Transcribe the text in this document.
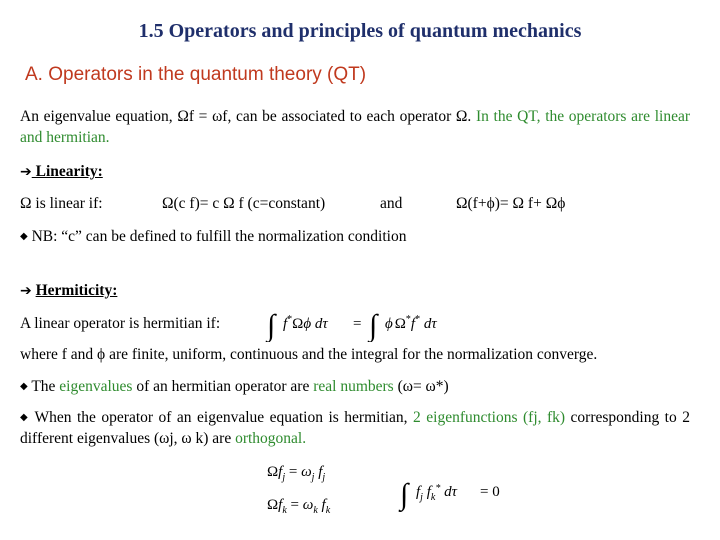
1.5 Operators and principles of quantum mechanics
A. Operators in the quantum theory (QT)
An eigenvalue equation, Ωf = ωf, can be associated to each operator Ω. In the QT, the operators are linear and hermitian.
➔ Linearity:
Ω is linear if:	Ω(c f)= c Ω f (c=constant)	and	Ω(f+ϕ)= Ω f+ Ωϕ
◆ NB: “c” can be defined to fulfill the normalization condition
➔ Hermiticity:
A linear operator is hermitian if: ∫ f*Ωϕ dτ = ∫ ϕ Ω*f* dτ
where f and ϕ are finite, uniform, continuous and the integral for the normalization converge.
◆ The eigenvalues of an hermitian operator are real numbers (ω= ω*)
◆ When the operator of an eigenvalue equation is hermitian, 2 eigenfunctions (fj, fk) corresponding to 2 different eigenvalues (ωj, ω k) are orthogonal.
$\Omega f_j = \omega_j$ $f_j$
$\Omega f_k = \omega_k$ $f_k$ ∫ $f_j$ $f_k^*$ dτ = 0
